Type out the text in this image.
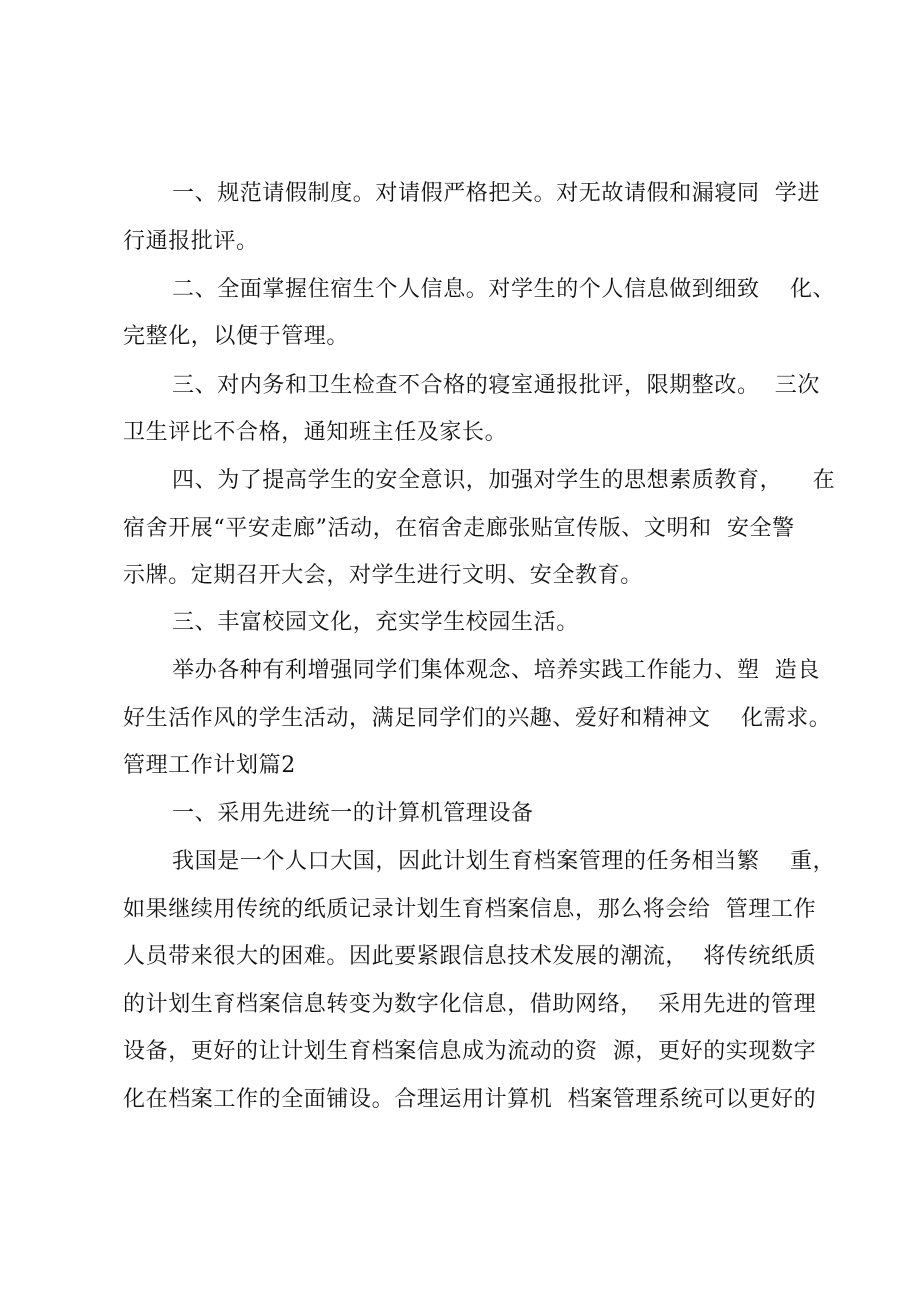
一、规范请假制度。对请假严格把关。对无故请假和漏寝同  学进
行通报批评。
二、全面掌握住宿生个人信息。对学生的个人信息做到细致    化、
完整化，以便于管理。
三、对内务和卫生检查不合格的寝室通报批评，限期整改。  三次
卫生评比不合格，通知班主任及家长。
四、为了提高学生的安全意识，加强对学生的思想素质教育，    在
宿舍开展“平安走廊”活动，在宿舍走廊张贴宣传版、文明和  安全警
示牌。定期召开大会，对学生进行文明、安全教育。
三、丰富校园文化，充实学生校园生活。
举办各种有利增强同学们集体观念、培养实践工作能力、塑  造良
好生活作风的学生活动，满足同学们的兴趣、爱好和精神文    化需求。
管理工作计划篇2
一、采用先进统一的计算机管理设备
我国是一个人口大国，因此计划生育档案管理的任务相当繁    重，
如果继续用传统的纸质记录计划生育档案信息，那么将会给  管理工作
人员带来很大的困难。因此要紧跟信息技术发展的潮流，  将传统纸质
的计划生育档案信息转变为数字化信息，借助网络，  采用先进的管理
设备，更好的让计划生育档案信息成为流动的资  源，更好的实现数字
化在档案工作的全面铺设。合理运用计算机  档案管理系统可以更好的
